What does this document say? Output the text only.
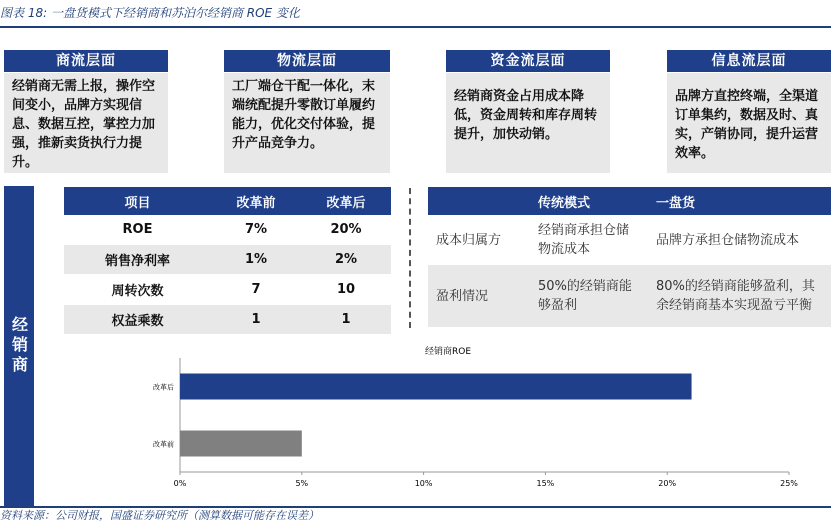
图表 18: 一盘货模式下经销商和苏泊尔经销商 ROE 变化
商流层面
经销商无需上报，操作空间变小，品牌方实现信息、数据互控，掌控力加强，推新卖货执行力提升。
物流层面
工厂端仓干配一体化，末端统配提升零散订单履约能力，优化交付体验，提升产品竞争力。
资金流层面
经销商资金占用成本降低，资金周转和库存周转提升，加快动销。
信息流层面
品牌方直控终端，全渠道订单集约，数据及时、真实，产销协同，提升运营效率。
经销商
项目	改革前	改革后
ROE	7%	20%
销售净利率	1%	2%
周转次数	7	10
权益乘数	1	1
	传统模式	一盘货
成本归属方	经销商承担仓储物流成本	品牌方承担仓储物流成本
盈利情况	50%的经销商能够盈利	80%的经销商能够盈利，其余经销商基本实现盈亏平衡
经销商ROE
0%	5%	10%	15%	20%	25%
改革后
改革前
资料来源：公司财报，国盛证券研究所（测算数据可能存在误差）
